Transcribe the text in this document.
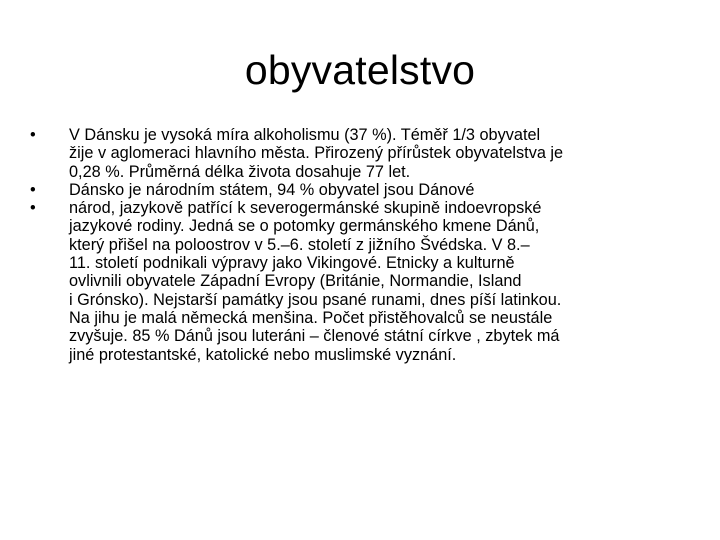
obyvatelstvo
•	V Dánsku je vysoká míra alkoholismu (37 %). Téměř 1/3 obyvatel
žije v aglomeraci hlavního města. Přirozený přírůstek obyvatelstva je
0,28 %. Průměrná délka života dosahuje 77 let.
•	Dánsko je národním státem, 94 % obyvatel jsou Dánové
•	národ, jazykově patřící k severogermánské skupině indoevropské
jazykové rodiny. Jedná se o potomky germánského kmene Dánů,
který přišel na poloostrov v 5.–6. století z jižního Švédska. V 8.–
11. století podnikali výpravy jako Vikingové. Etnicky a kulturně
ovlivnili obyvatele Západní Evropy (Británie, Normandie, Island
i Grónsko). Nejstarší památky jsou psané runami, dnes píší latinkou.
Na jihu je malá německá menšina. Počet přistěhovalců se neustále
zvyšuje. 85 % Dánů jsou luteráni – členové státní církve , zbytek má
jiné protestantské, katolické nebo muslimské vyznání.
